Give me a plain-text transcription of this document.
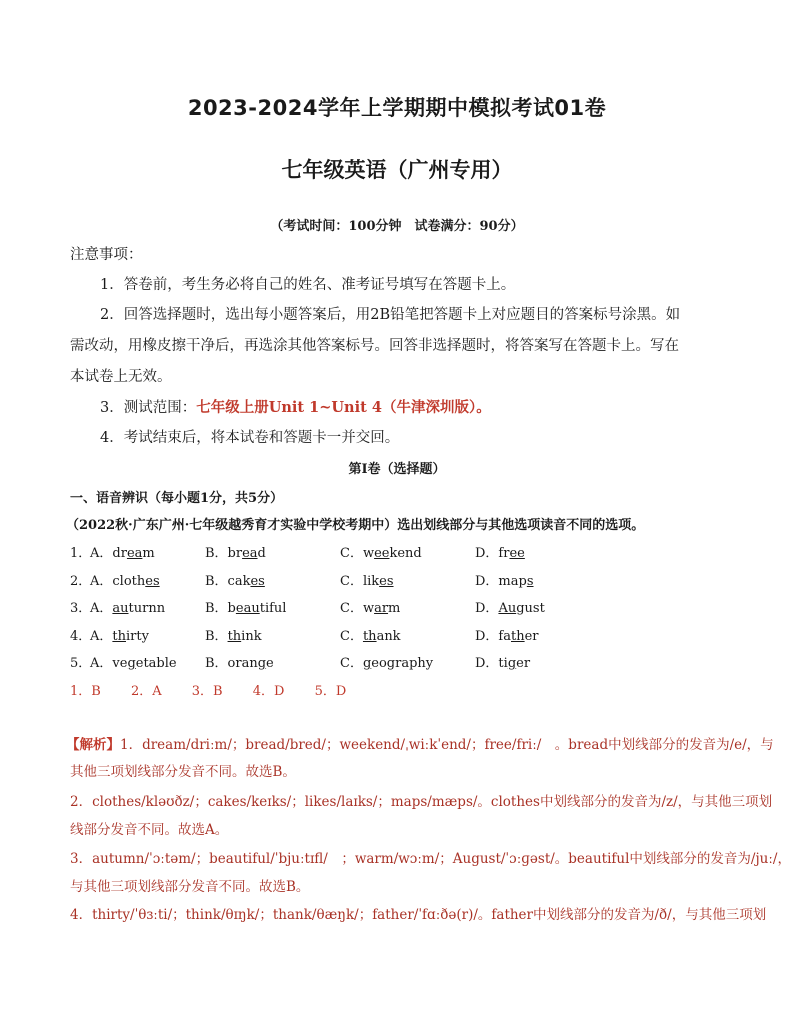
2023-2024学年上学期期中模拟考试01卷
七年级英语（广州专用）
（考试时间：100分钟　试卷满分：90分）
注意事项：
1．答卷前，考生务必将自己的姓名、准考证号填写在答题卡上。
2．回答选择题时，选出每小题答案后，用2B铅笔把答题卡上对应题目的答案标号涂黑。如
需改动，用橡皮擦干净后，再选涂其他答案标号。回答非选择题时，将答案写在答题卡上。写在
本试卷上无效。
3．测试范围：七年级上册Unit 1~Unit 4（牛津深圳版）。
4．考试结束后，将本试卷和答题卡一并交回。
第Ⅰ卷（选择题）
一、语音辨识（每小题1分，共5分）
（2022秋·广东广州·七年级越秀育才实验中学校考期中）选出划线部分与其他选项读音不同的选项。
1．
A．dream	B．bread	C．weekend	D．free
2．
A．clothes	B．cakes	C．likes	D．maps
3．
A．auturnn	B．beautiful	C．warm	D．August
4．
A．thirty	B．think	C．thank	D．father
5．
A．vegetable B．orange	C．geography	D．tiger
1．B 2．A 3．B 4．D 5．D
【解析】1．dream/driːm/；bread/bred/；weekend/ˌwiːkˈend/；free/friː/　。bread中划线部分的发音为/e/，与
其他三项划线部分发音不同。故选B。
2．clothes/kləʊðz/；cakes/keɪks/；likes/laɪks/；maps/mæps/。clothes中划线部分的发音为/z/，与其他三项划
线部分发音不同。故选A。
3．autumn/ˈɔːtəm/；beautiful/ˈbjuːtɪfl/　；warm/wɔːm/；August/ˈɔːɡəst/。beautiful中划线部分的发音为/juː/，
与其他三项划线部分发音不同。故选B。
4．thirty/ˈθɜːti/；think/θɪŋk/；thank/θæŋk/；father/ˈfɑːðə(r)/。father中划线部分的发音为/ð/，与其他三项划
